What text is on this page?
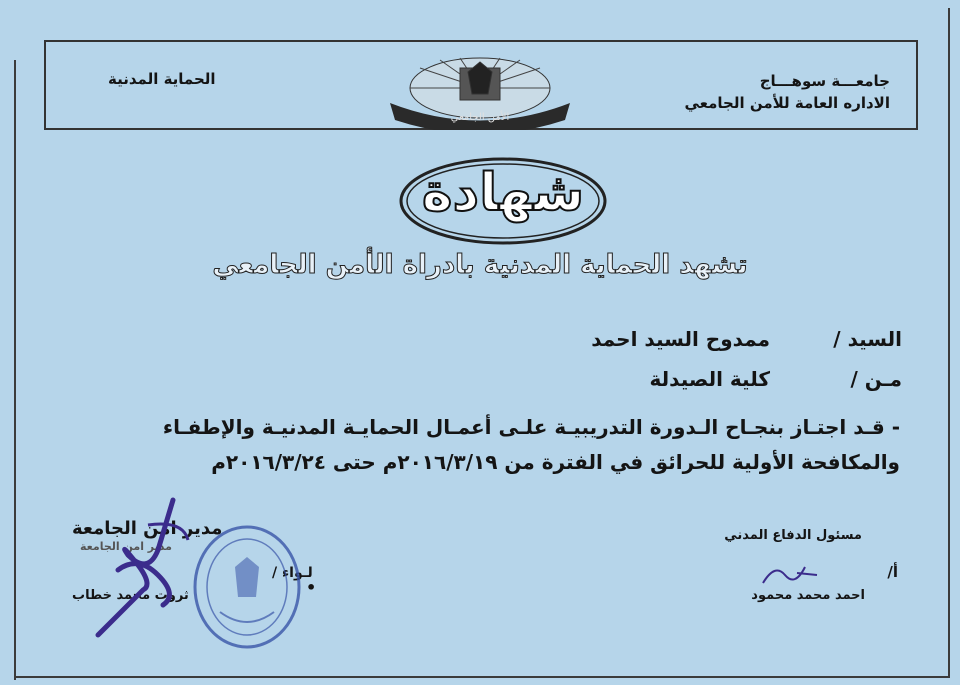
جامعـــة سوهـــاج
الاداره العامة للأمن الجامعي
الحماية المدنية
الأمن الجامعي
شهادة
تشهد الحماية المدنية بادراة الأمن الجامعي
السيد /
ممدوح السيد احمد
مـن /
كلية الصيدلة
- قـد اجتـاز بنجـاح الـدورة التدريبيـة علـى أعمـال الحمايـة المدنيـة والإطفـاء
والمكافحة الأولية للحرائق في الفترة من ٢٠١٦/٣/١٩م حتى ٢٠١٦/٣/٢٤م
مسئول الدفاع المدني
أ/
احمد محمد محمود
مدير امن الجامعة
مدير امن الجامعة
لـواء /
ثروت محمد خطاب	•
